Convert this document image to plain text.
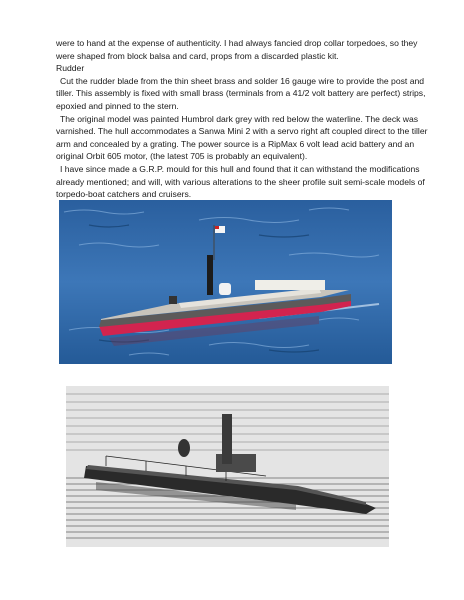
were to hand at the expense of authenticity. I had always fancied drop collar torpedoes, so they were shaped from block balsa and card, props from a discarded plastic kit.

Rudder

Cut the rudder blade from the thin sheet brass and solder 16 gauge wire to provide the post and tiller. This assembly is fixed with small brass (terminals from a 41/2 volt battery are perfect) strips, epoxied and pinned to the stern.

The original model was painted Humbrol dark grey with red below the waterline. The deck was varnished. The hull accommodates a Sanwa Mini 2 with a servo right aft coupled direct to the tiller arm and concealed by a grating. The power source is a RipMax 6 volt lead acid battery and an original Orbit 605 motor, (the latest 705 is probably an equivalent).

I have since made a G.R.P. mould for this hull and found that it can withstand the modifications already mentioned; and will, with various alterations to the sheer profile suit semi-scale models of torpedo-boat catchers and cruisers.
